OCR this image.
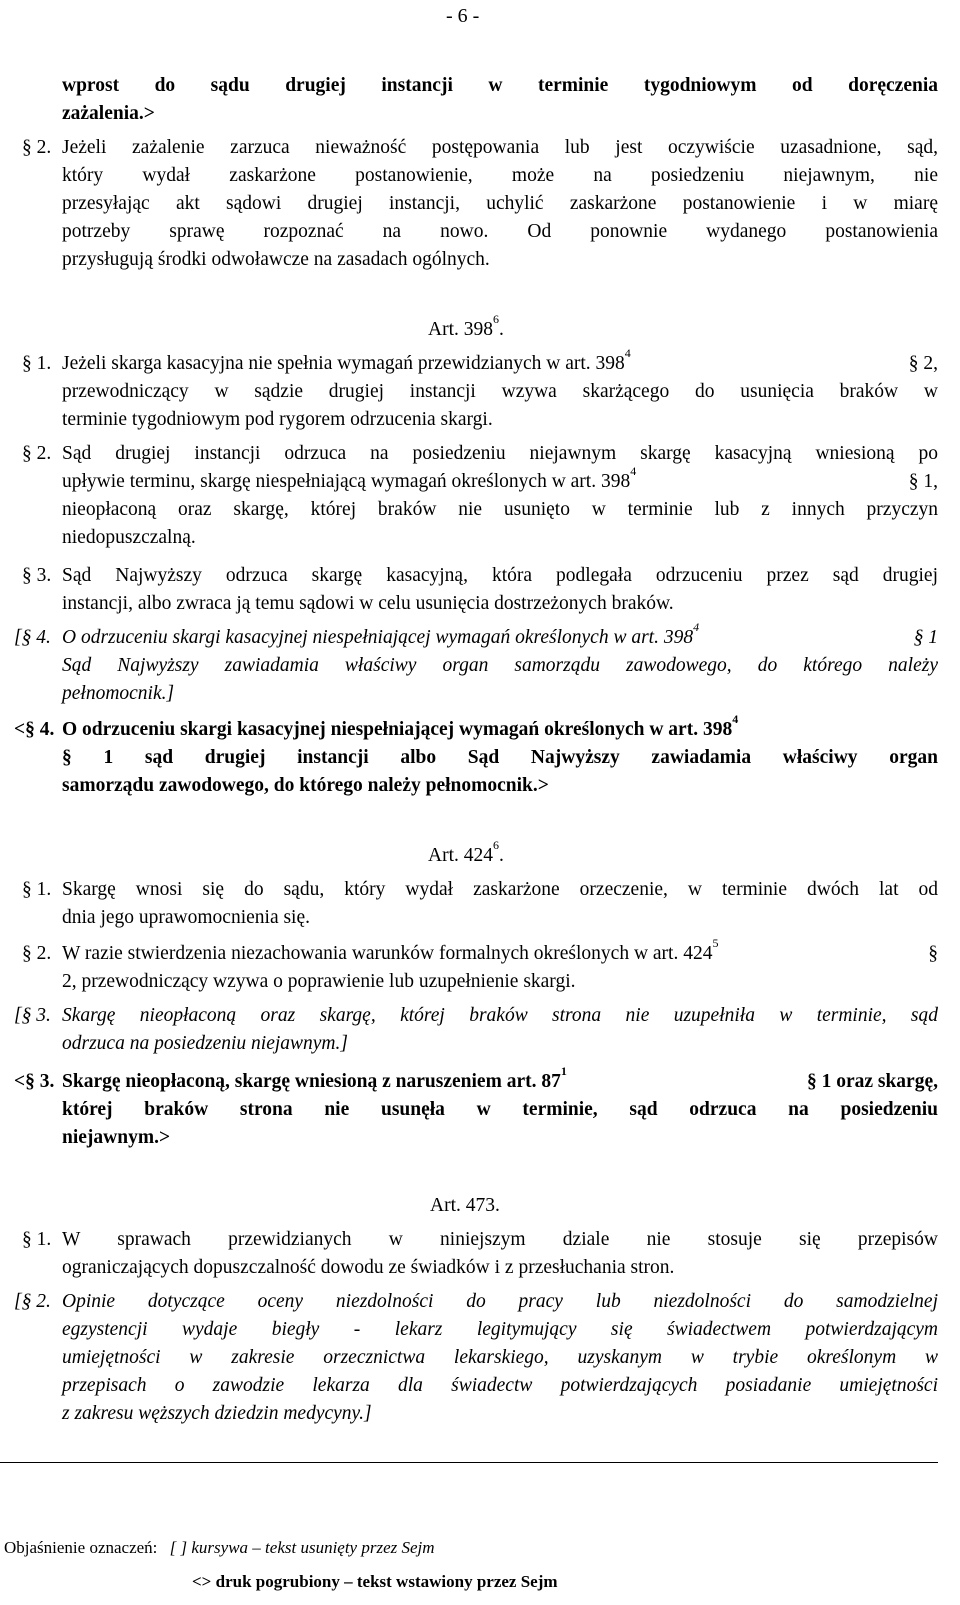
- 6 -
wprost do sądu drugiej instancji w terminie tygodniowym od doręczenia
zażalenia.>
§ 2. Jeżeli zażalenie zarzuca nieważność postępowania lub jest oczywiście uzasadnione, sąd,
który wydał zaskarżone postanowienie, może na posiedzeniu niejawnym, nie
przesyłając akt sądowi drugiej instancji, uchylić zaskarżone postanowienie i w miarę
potrzeby sprawę rozpoznać na nowo. Od ponownie wydanego postanowienia
przysługują środki odwoławcze na zasadach ogólnych.
Art. $398^6$.
§ 1. Jeżeli skarga kasacyjna nie spełnia wymagań przewidzianych w art. $398^4$	§ 2,
przewodniczący w sądzie drugiej instancji wzywa skarżącego do usunięcia braków w
terminie tygodniowym pod rygorem odrzucenia skargi.
§ 2. Sąd drugiej instancji odrzuca na posiedzeniu niejawnym skargę kasacyjną wniesioną po
upływie terminu, skargę niespełniającą wymagań określonych w art. $398^4$	§ 1,
nieopłaconą oraz skargę, której braków nie usunięto w terminie lub z innych przyczyn
niedopuszczalną.
§ 3. Sąd Najwyższy odrzuca skargę kasacyjną, która podlegała odrzuceniu przez sąd drugiej
instancji, albo zwraca ją temu sądowi w celu usunięcia dostrzeżonych braków.
[§ 4. O odrzuceniu skargi kasacyjnej niespełniającej wymagań określonych w art. $398^4$	§ 1
Sąd Najwyższy zawiadamia właściwy organ samorządu zawodowego, do którego należy
pełnomocnik.]
<§ 4. O odrzuceniu skargi kasacyjnej niespełniającej wymagań określonych w art. $398^4$
§ 1 sąd drugiej instancji albo Sąd Najwyższy zawiadamia właściwy organ
samorządu zawodowego, do którego należy pełnomocnik.>
Art. $424^6$.
§ 1. Skargę wnosi się do sądu, który wydał zaskarżone orzeczenie, w terminie dwóch lat od
dnia jego uprawomocnienia się.
§ 2. W razie stwierdzenia niezachowania warunków formalnych określonych w art. $424^5$	§
2, przewodniczący wzywa o poprawienie lub uzupełnienie skargi.
[§ 3. Skargę nieopłaconą oraz skargę, której braków strona nie uzupełniła w terminie, sąd
odrzuca na posiedzeniu niejawnym.]
<§ 3. Skargę nieopłaconą, skargę wniesioną z naruszeniem art. $87^1$	§ 1 oraz skargę,
której braków strona nie usunęła w terminie, sąd odrzuca na posiedzeniu
niejawnym.>
Art. 473.
§ 1. W sprawach przewidzianych w niniejszym dziale nie stosuje się przepisów
ograniczających dopuszczalność dowodu ze świadków i z przesłuchania stron.
[§ 2. Opinie dotyczące oceny niezdolności do pracy lub niezdolności do samodzielnej
egzystencji wydaje biegły - lekarz legitymujący się świadectwem potwierdzającym
umiejętności w zakresie orzecznictwa lekarskiego, uzyskanym w trybie określonym w
przepisach o zawodzie lekarza dla świadectw potwierdzających posiadanie umiejętności
z zakresu węższych dziedzin medycyny.]
Objaśnienie oznaczeń: [ ] kursywa – tekst usunięty przez Sejm
<> druk pogrubiony – tekst wstawiony przez Sejm
